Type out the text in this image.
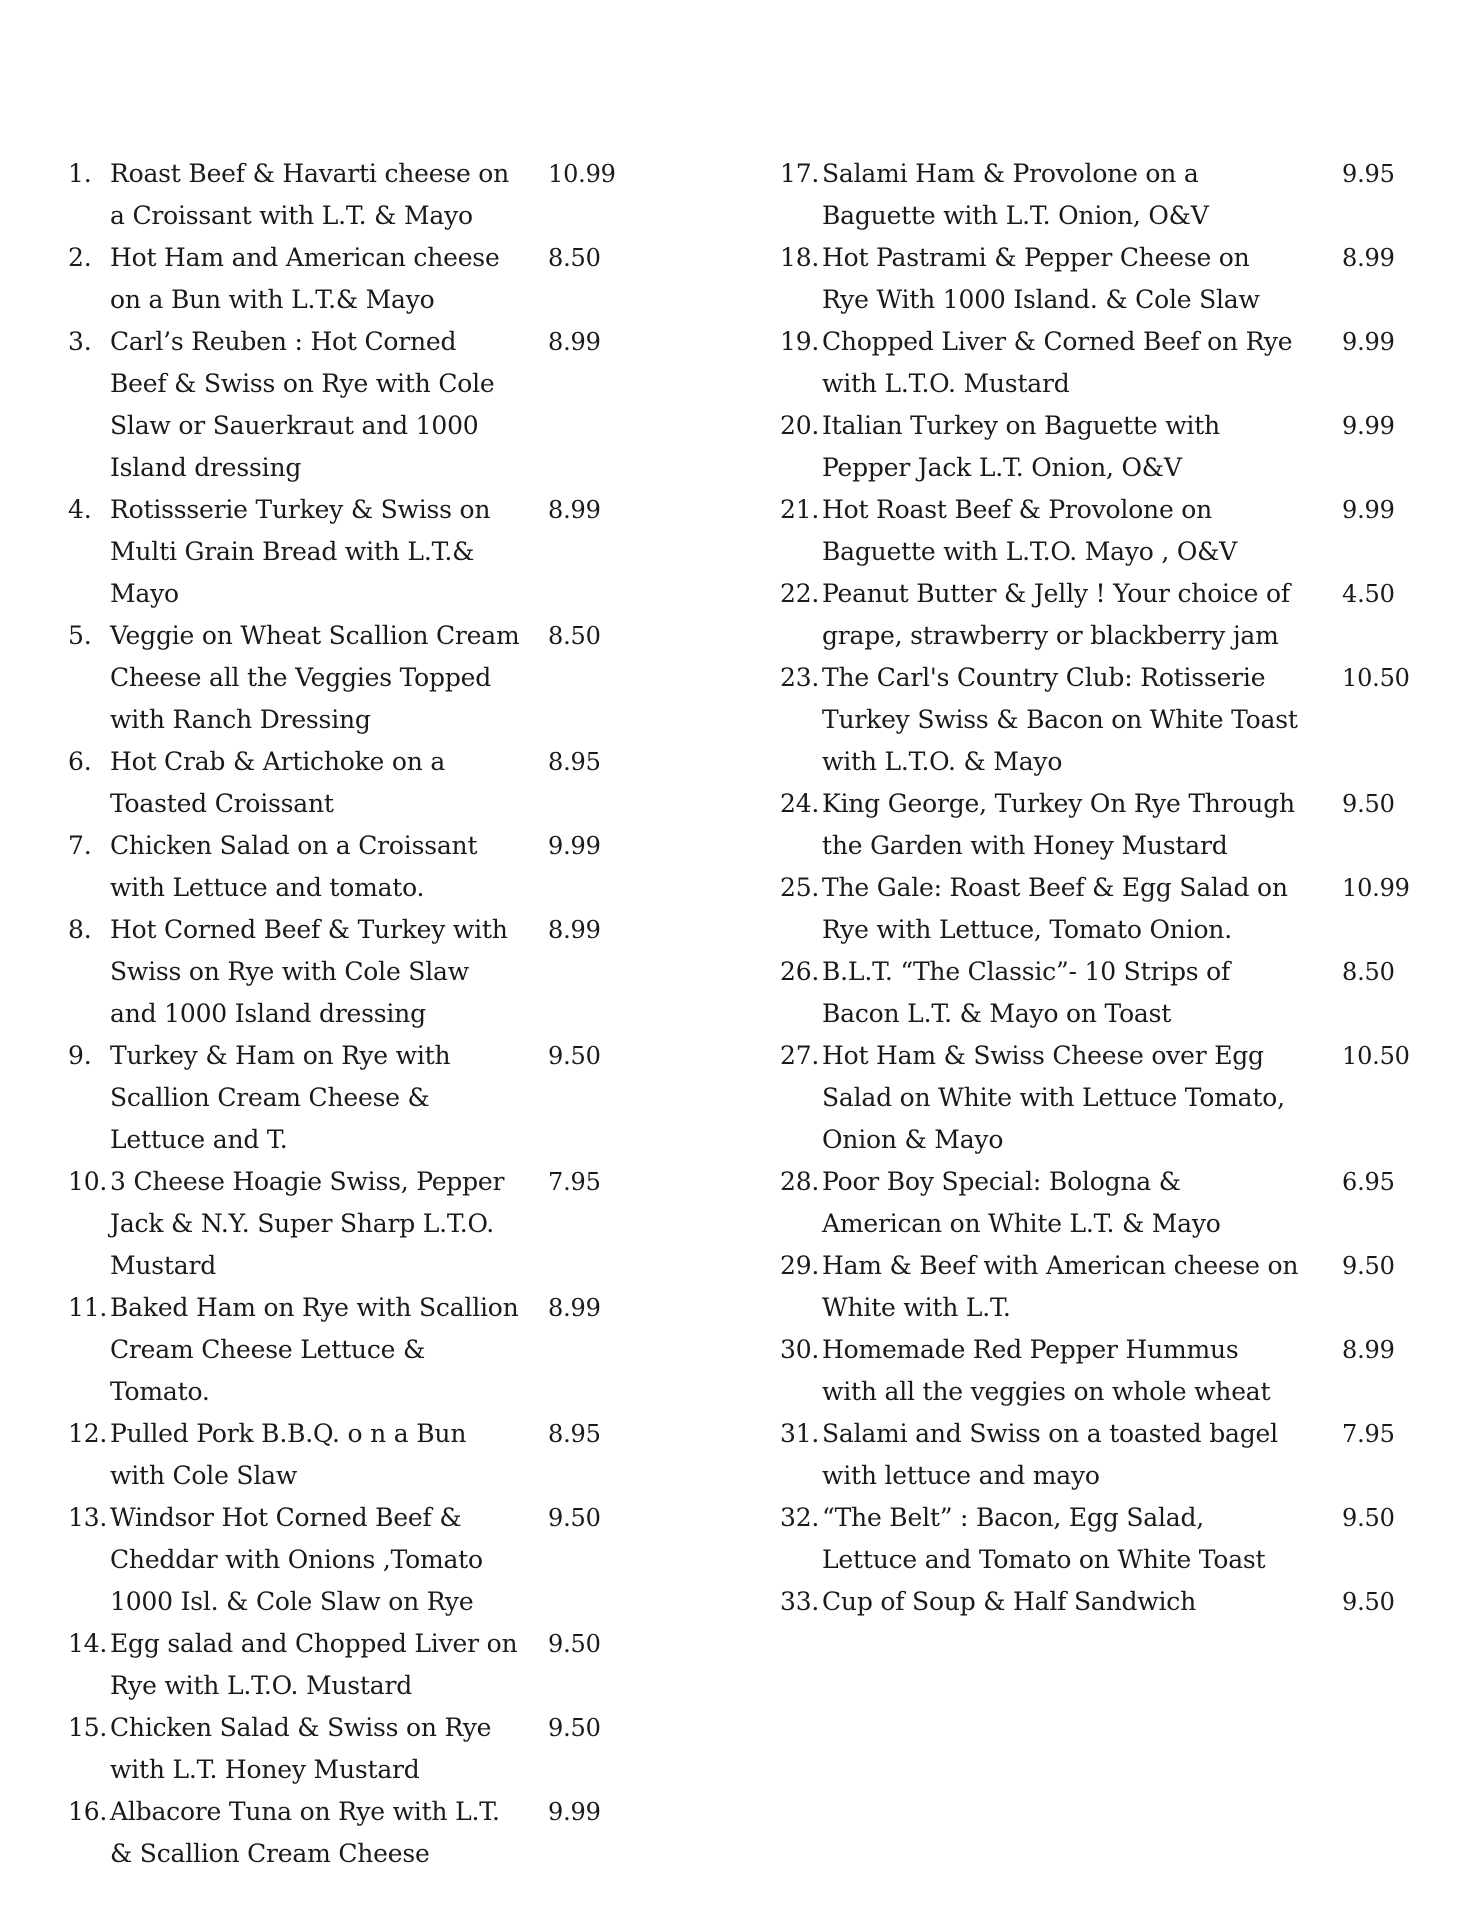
1. Roast Beef & Havarti cheese on a Croissant with L.T. & Mayo
10.99
2. Hot Ham and American cheese on a Bun with L.T.& Mayo
8.50
3. Carl’s Reuben : Hot Corned Beef & Swiss on Rye with Cole Slaw or Sauerkraut and 1000 Island dressing
8.99
4. Rotissserie Turkey & Swiss on Multi Grain Bread with L.T.& Mayo
8.99
5. Veggie on Wheat Scallion Cream Cheese all the Veggies Topped with Ranch Dressing
8.50
6. Hot Crab & Artichoke on a Toasted Croissant
8.95
7. Chicken Salad on a Croissant with Lettuce and tomato.
9.99
8. Hot Corned Beef & Turkey with Swiss on Rye with Cole Slaw and 1000 Island dressing
8.99
9. Turkey & Ham on Rye with Scallion Cream Cheese & Lettuce and T.
9.50
10. 3 Cheese Hoagie Swiss, Pepper Jack & N.Y. Super Sharp L.T.O. Mustard
7.95
11. Baked Ham on Rye with Scallion Cream Cheese Lettuce & Tomato.
8.99
12. Pulled Pork B.B.Q. o n a Bun with Cole Slaw
8.95
13. Windsor Hot Corned Beef & Cheddar with Onions ,Tomato 1000 Isl. & Cole Slaw on Rye
9.50
14. Egg salad and Chopped Liver on Rye with L.T.O. Mustard
9.50
15. Chicken Salad & Swiss on Rye with L.T. Honey Mustard
9.50
16. Albacore Tuna on Rye with L.T. & Scallion Cream Cheese
9.99
17. Salami Ham & Provolone on a Baguette with L.T. Onion, O&V
9.95
18. Hot Pastrami & Pepper Cheese on Rye With 1000 Island. & Cole Slaw
8.99
19. Chopped Liver & Corned Beef on Rye with L.T.O. Mustard
9.99
20. Italian Turkey on Baguette with Pepper Jack L.T. Onion, O&V
9.99
21. Hot Roast Beef & Provolone on Baguette with L.T.O. Mayo , O&V
9.99
22. Peanut Butter & Jelly ! Your choice of grape, strawberry or blackberry jam
4.50
23. The Carl's Country Club: Rotisserie Turkey Swiss & Bacon on White Toast with L.T.O. & Mayo
10.50
24. King George, Turkey On Rye Through the Garden with Honey Mustard
9.50
25. The Gale: Roast Beef & Egg Salad on Rye with Lettuce, Tomato Onion.
10.99
26. B.L.T. “The Classic”- 10 Strips of Bacon L.T. & Mayo on Toast
8.50
27. Hot Ham & Swiss Cheese over Egg Salad on White with Lettuce Tomato, Onion & Mayo
10.50
28. Poor Boy Special: Bologna & American on White L.T. & Mayo
6.95
29. Ham & Beef with American cheese on White with L.T.
9.50
30. Homemade Red Pepper Hummus with all the veggies on whole wheat
8.99
31. Salami and Swiss on a toasted bagel with lettuce and mayo
7.95
32. “The Belt” : Bacon, Egg Salad, Lettuce and Tomato on White Toast
9.50
33. Cup of Soup & Half Sandwich	9.50
